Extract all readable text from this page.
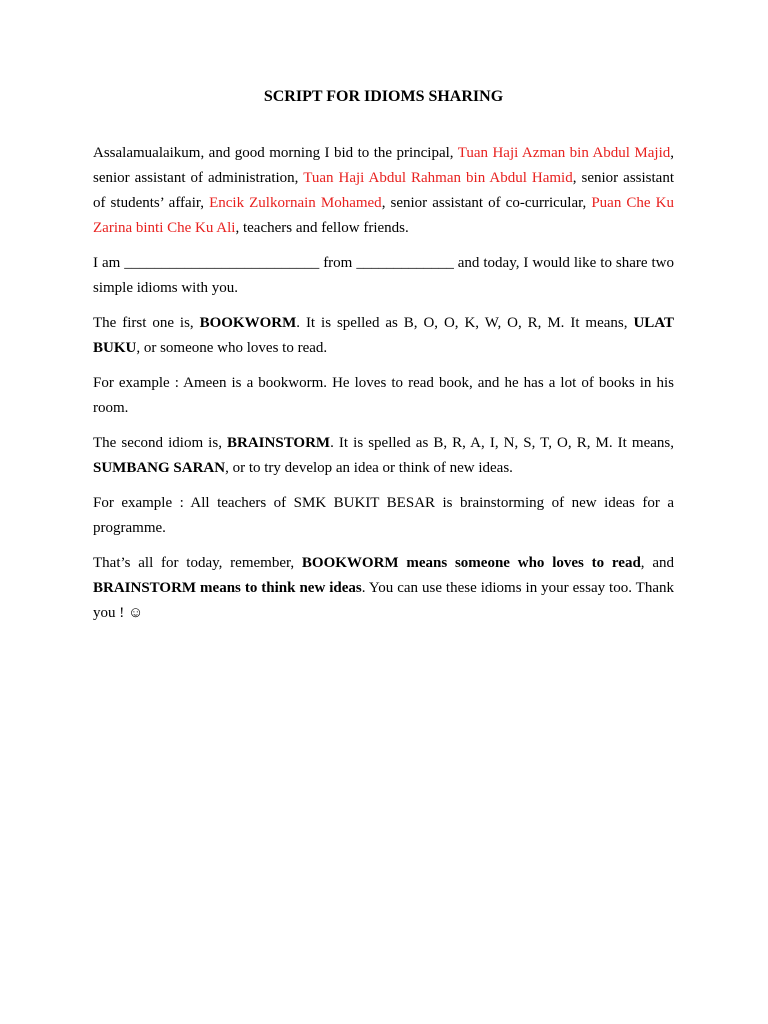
SCRIPT FOR IDIOMS SHARING

Assalamualaikum, and good morning I bid to the principal, Tuan Haji Azman bin Abdul Majid, senior assistant of administration, Tuan Haji Abdul Rahman bin Abdul Hamid, senior assistant of students’ affair, Encik Zulkornain Mohamed, senior assistant of co-curricular, Puan Che Ku Zarina binti Che Ku Ali, teachers and fellow friends.

I am __________________________ from _____________ and today, I would like to share two simple idioms with you.

The first one is, BOOKWORM. It is spelled as B, O, O, K, W, O, R, M. It means, ULAT BUKU, or someone who loves to read.

For example : Ameen is a bookworm. He loves to read book, and he has a lot of books in his room.

The second idiom is, BRAINSTORM. It is spelled as B, R, A, I, N, S, T, O, R, M. It means, SUMBANG SARAN, or to try develop an idea or think of new ideas.

For example : All teachers of SMK BUKIT BESAR is brainstorming of new ideas for a programme.

That’s all for today, remember, BOOKWORM means someone who loves to read, and BRAINSTORM means to think new ideas. You can use these idioms in your essay too. Thank you ! ☺
